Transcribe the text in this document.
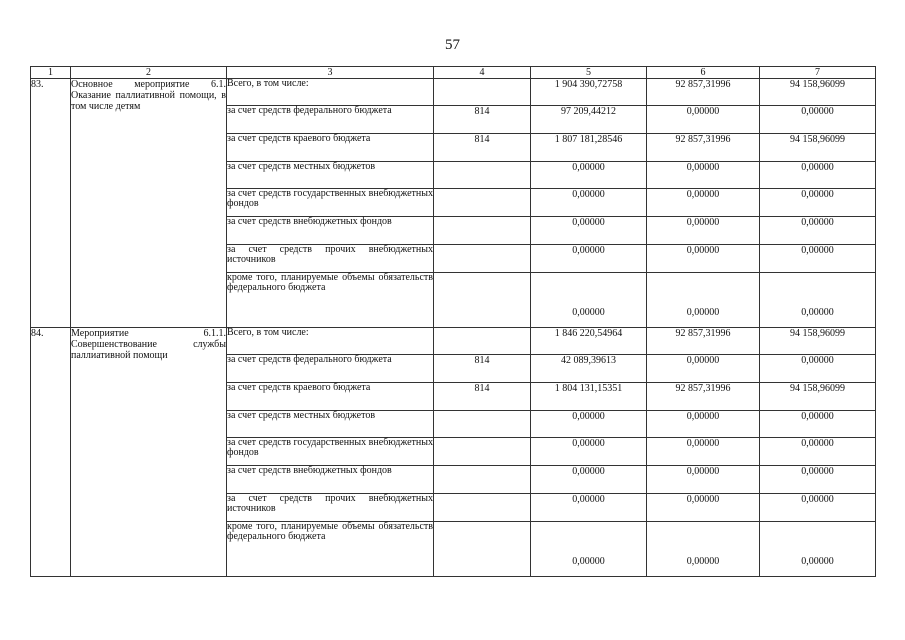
57
1	2	3	4	5	6	7
83.	Основное мероприятие 6.1. Оказание паллиативной помощи, в том числе детям	Всего, в том числе:		1 904 390,72758	92 857,31996	94 158,96099
		за счет средств федерального бюджета	814	97 209,44212	0,00000	0,00000
		за счет средств краевого бюджета	814	1 807 181,28546	92 857,31996	94 158,96099
		за счет средств местных бюджетов		0,00000	0,00000	0,00000
		за счет средств государственных внебюджетных фондов		0,00000	0,00000	0,00000
		за счет средств внебюджетных фондов		0,00000	0,00000	0,00000
		за счет средств прочих внебюджетных источников		0,00000	0,00000	0,00000
		кроме того, планируемые объемы обязательств федерального бюджета		0,00000	0,00000	0,00000
84.	Мероприятие 6.1.1. Совершенствование службы паллиативной помощи	Всего, в том числе:		1 846 220,54964	92 857,31996	94 158,96099
		за счет средств федерального бюджета	814	42 089,39613	0,00000	0,00000
		за счет средств краевого бюджета	814	1 804 131,15351	92 857,31996	94 158,96099
		за счет средств местных бюджетов		0,00000	0,00000	0,00000
		за счет средств государственных внебюджетных фондов		0,00000	0,00000	0,00000
		за счет средств внебюджетных фондов		0,00000	0,00000	0,00000
		за счет средств прочих внебюджетных источников		0,00000	0,00000	0,00000
		кроме того, планируемые объемы обязательств федерального бюджета		0,00000	0,00000	0,00000
